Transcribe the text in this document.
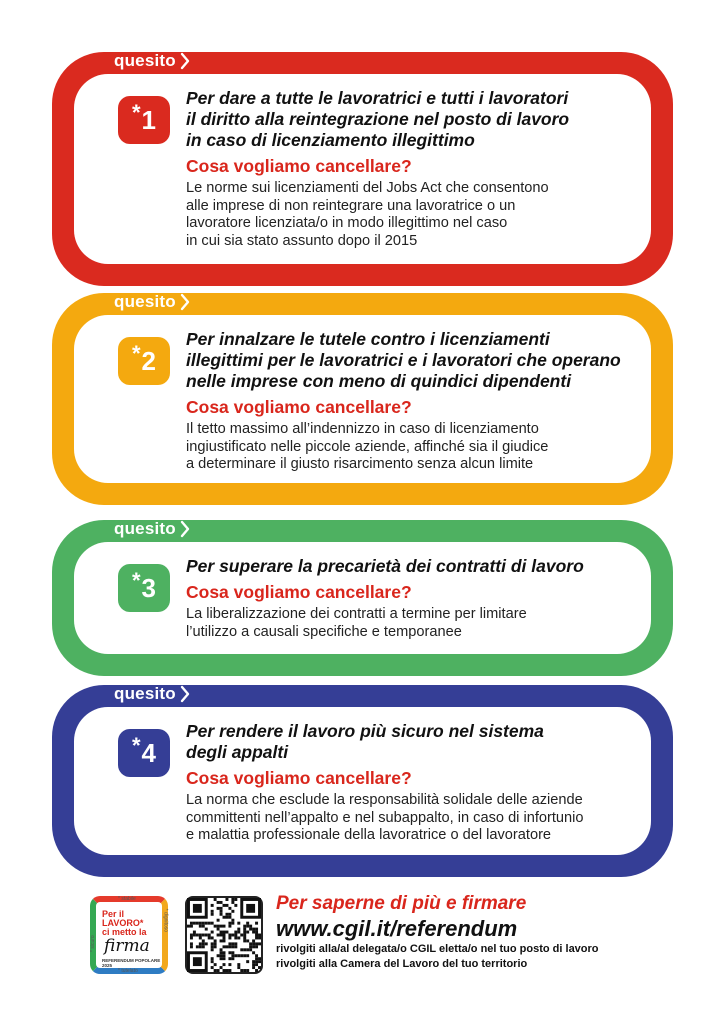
quesito
* 1
Per dare a tutte le lavoratrici e tutti i lavoratori
il diritto alla reintegrazione nel posto di lavoro
in caso di licenziamento illegittimo
Cosa vogliamo cancellare?
Le norme sui licenziamenti del Jobs Act che consentono
alle imprese di non reintegrare una lavoratrice o un
lavoratore licenziata/o in modo illegittimo nel caso
in cui sia stato assunto dopo il 2015
quesito
* 2
Per innalzare le tutele contro i licenziamenti
illegittimi per le lavoratrici e i lavoratori che operano
nelle imprese con meno di quindici dipendenti
Cosa vogliamo cancellare?
Il tetto massimo all’indennizzo in caso di licenziamento
ingiustificato nelle piccole aziende, affinché sia il giudice
a determinare il giusto risarcimento senza alcun limite
quesito
* 3
Per superare la precarietà dei contratti di lavoro
Cosa vogliamo cancellare?
La liberalizzazione dei contratti a termine per limitare
l’utilizzo a causali specifiche e temporanee
quesito
* 4
Per rendere il lavoro più sicuro nel sistema
degli appalti
Cosa vogliamo cancellare?
La norma che esclude la responsabilità solidale delle aziende
committenti nell’appalto e nel subappalto, in caso di infortunio
e malattia professionale della lavoratrice o del lavoratore
Per il
LAVORO*
ci metto la
firma
REFERENDUM POPOLARE 2025
* stabile
* dignitoso
* tutelato
* sicuro
Per saperne di più e firmare
www.cgil.it/referendum
rivolgiti alla/al delegata/o CGIL eletta/o nel tuo posto di lavoro
rivolgiti alla Camera del Lavoro del tuo territorio
